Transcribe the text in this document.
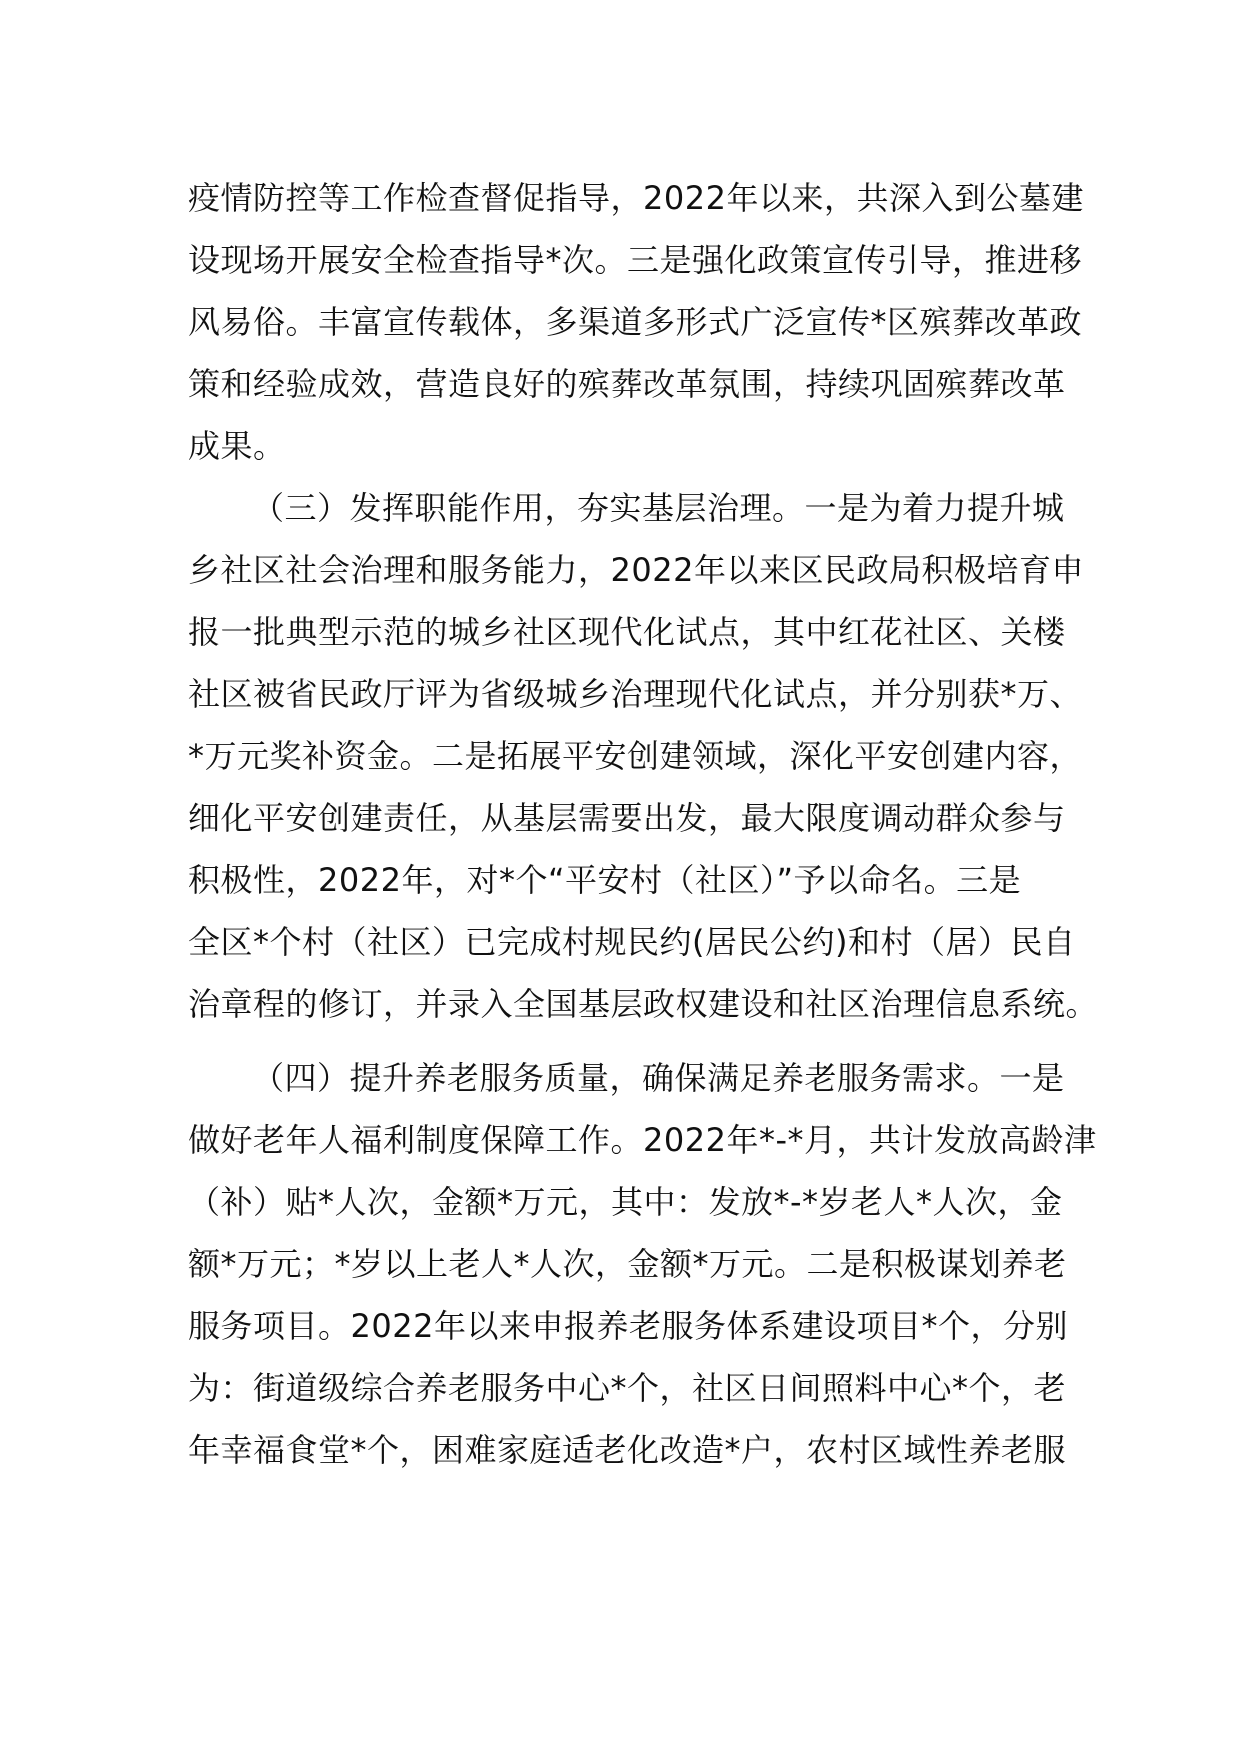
疫情防控等工作检查督促指导，2022年以来，共深入到公墓建
设现场开展安全检查指导*次。三是强化政策宣传引导，推进移
风易俗。丰富宣传载体，多渠道多形式广泛宣传*区殡葬改革政
策和经验成效，营造良好的殡葬改革氛围，持续巩固殡葬改革
成果。
（三）发挥职能作用，夯实基层治理。一是为着力提升城
乡社区社会治理和服务能力，2022年以来区民政局积极培育申
报一批典型示范的城乡社区现代化试点，其中红花社区、关楼
社区被省民政厅评为省级城乡治理现代化试点，并分别获*万、
*万元奖补资金。二是拓展平安创建领域，深化平安创建内容，
细化平安创建责任，从基层需要出发，最大限度调动群众参与
积极性，2022年，对*个“平安村（社区）”予以命名。三是
全区*个村（社区）已完成村规民约(居民公约)和村（居）民自
治章程的修订，并录入全国基层政权建设和社区治理信息系统。
（四）提升养老服务质量，确保满足养老服务需求。一是
做好老年人福利制度保障工作。2022年*-*月，共计发放高龄津
（补）贴*人次，金额*万元，其中：发放*-*岁老人*人次，金
额*万元；*岁以上老人*人次，金额*万元。二是积极谋划养老
服务项目。2022年以来申报养老服务体系建设项目*个，分别
为：街道级综合养老服务中心*个，社区日间照料中心*个，老
年幸福食堂*个，困难家庭适老化改造*户，农村区域性养老服
